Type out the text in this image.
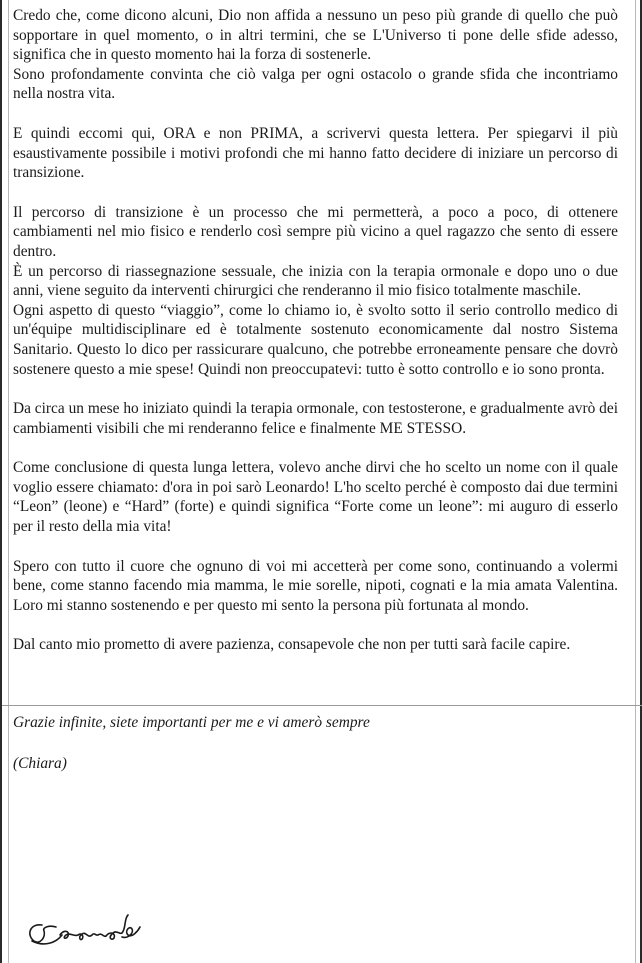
Credo che, come dicono alcuni, Dio non affida a nessuno un peso più grande di quello che può sopportare in quel momento, o in altri termini, che se L'Universo ti pone delle sfide adesso, significa che in questo momento hai la forza di sostenerle.

Sono profondamente convinta che ciò valga per ogni ostacolo o grande sfida che incontriamo nella nostra vita.

E quindi eccomi qui, ORA e non PRIMA, a scrivervi questa lettera. Per spiegarvi il più esaustivamente possibile i motivi profondi che mi hanno fatto decidere di iniziare un percorso di transizione.

Il percorso di transizione è un processo che mi permetterà, a poco a poco, di ottenere cambiamenti nel mio fisico e renderlo così sempre più vicino a quel ragazzo che sento di essere dentro.

È un percorso di riassegnazione sessuale, che inizia con la terapia ormonale e dopo uno o due anni, viene seguito da interventi chirurgici che renderanno il mio fisico totalmente maschile.

Ogni aspetto di questo “viaggio”, come lo chiamo io, è svolto sotto il serio controllo medico di un'équipe multidisciplinare ed è totalmente sostenuto economicamente dal nostro Sistema Sanitario. Questo lo dico per rassicurare qualcuno, che potrebbe erroneamente pensare che dovrò sostenere questo a mie spese! Quindi non preoccupatevi: tutto è sotto controllo e io sono pronta.

Da circa un mese ho iniziato quindi la terapia ormonale, con testosterone, e gradualmente avrò dei cambiamenti visibili che mi renderanno felice e finalmente ME STESSO.

Come conclusione di questa lunga lettera, volevo anche dirvi che ho scelto un nome con il quale voglio essere chiamato: d'ora in poi sarò Leonardo! L'ho scelto perché è composto dai due termini “Leon” (leone) e “Hard” (forte) e quindi significa “Forte come un leone”: mi auguro di esserlo per il resto della mia vita!

Spero con tutto il cuore che ognuno di voi mi accetterà per come sono, continuando a volermi bene, come stanno facendo mia mamma, le mie sorelle, nipoti, cognati e la mia amata Valentina. Loro mi stanno sostenendo e per questo mi sento la persona più fortunata al mondo.

Dal canto mio prometto di avere pazienza, consapevole che non per tutti sarà facile capire.

Grazie infinite, siete importanti per me e vi amerò sempre

(Chiara)
